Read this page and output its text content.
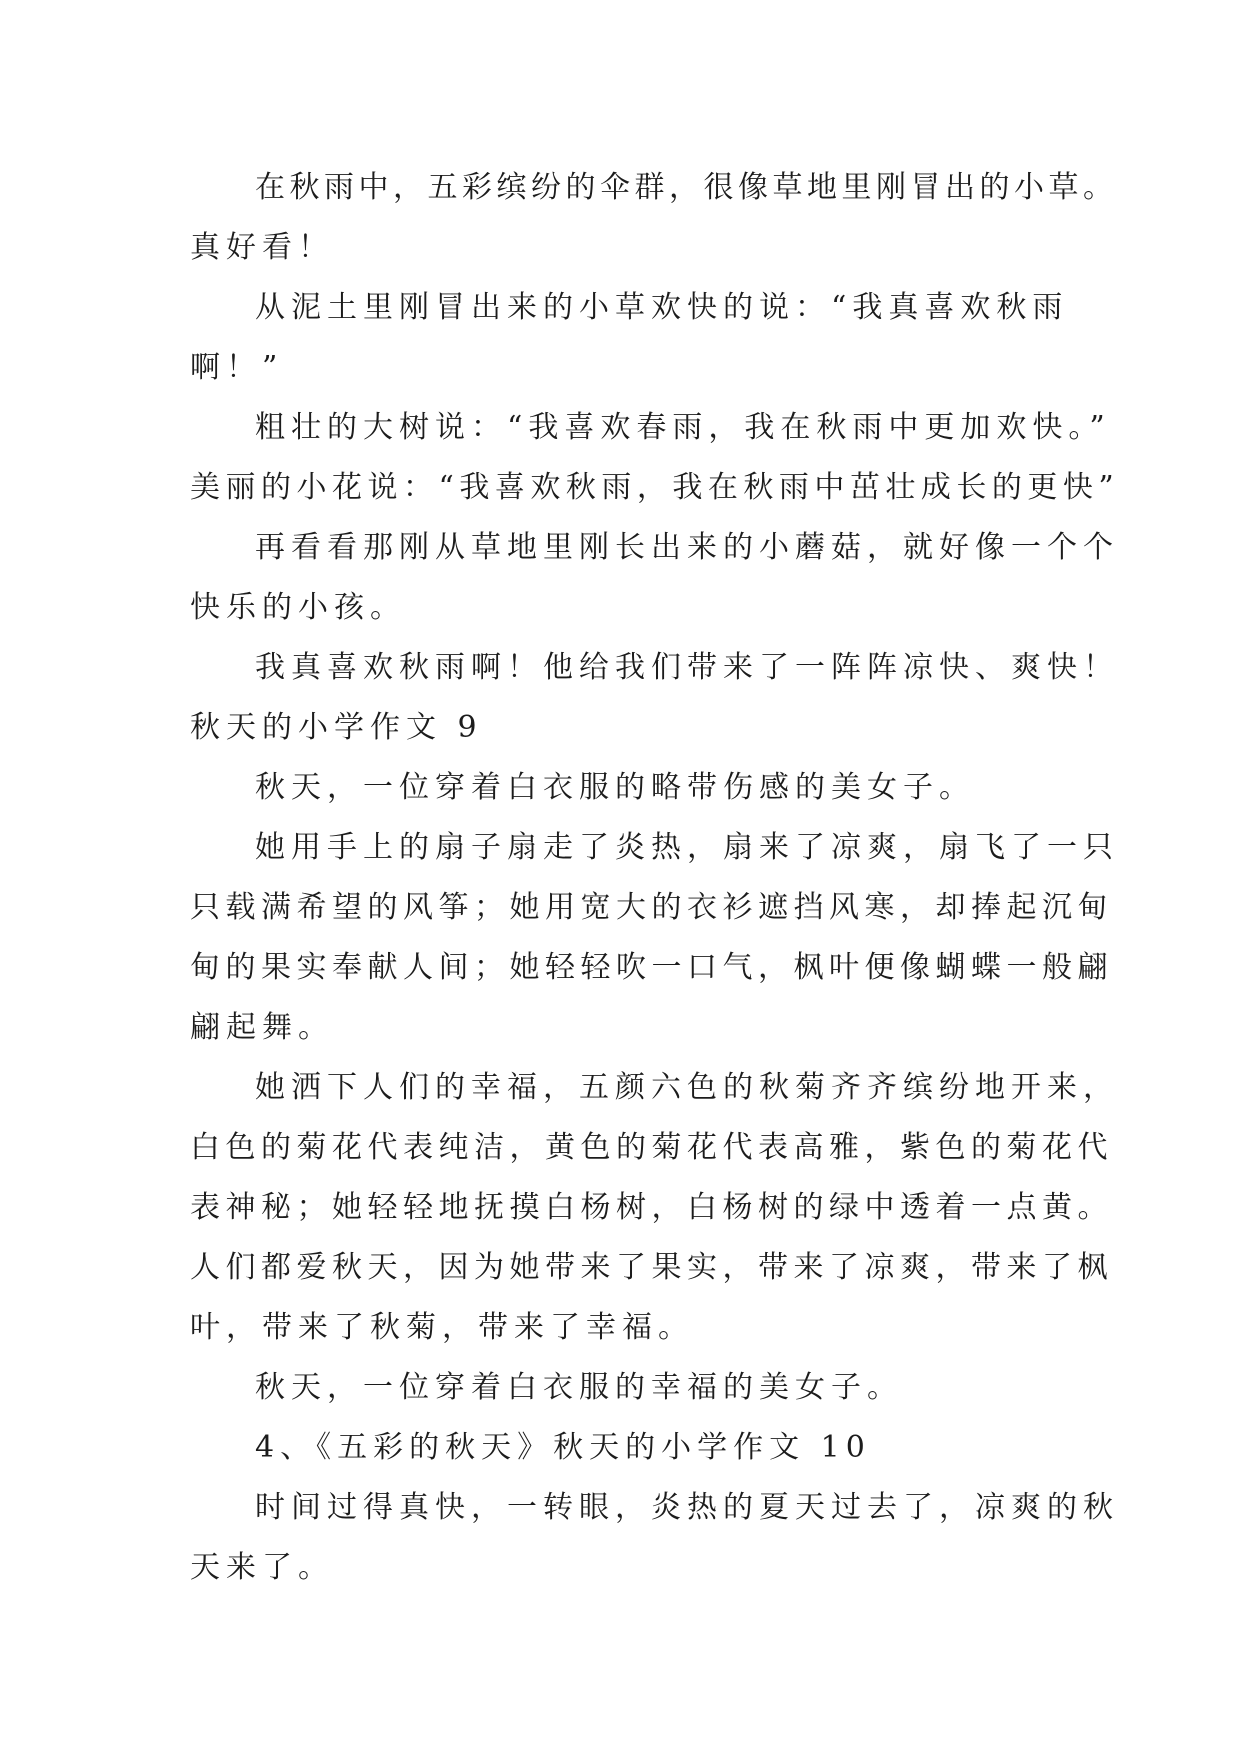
在秋雨中，五彩缤纷的伞群，很像草地里刚冒出的小草。

真好看！

从泥土里刚冒出来的小草欢快的说：“我真喜欢秋雨

啊！”

粗壮的大树说：“我喜欢春雨，我在秋雨中更加欢快。”

美丽的小花说：“我喜欢秋雨，我在秋雨中茁壮成长的更快”

再看看那刚从草地里刚长出来的小蘑菇，就好像一个个

快乐的小孩。

我真喜欢秋雨啊！他给我们带来了一阵阵凉快、爽快！

秋天的小学作文 9

秋天，一位穿着白衣服的略带伤感的美女子。

她用手上的扇子扇走了炎热，扇来了凉爽，扇飞了一只

只载满希望的风筝；她用宽大的衣衫遮挡风寒，却捧起沉甸

甸的果实奉献人间；她轻轻吹一口气，枫叶便像蝴蝶一般翩

翩起舞。

她洒下人们的幸福，五颜六色的秋菊齐齐缤纷地开来，

白色的菊花代表纯洁，黄色的菊花代表高雅，紫色的菊花代

表神秘；她轻轻地抚摸白杨树，白杨树的绿中透着一点黄。

人们都爱秋天，因为她带来了果实，带来了凉爽，带来了枫

叶，带来了秋菊，带来了幸福。

秋天，一位穿着白衣服的幸福的美女子。

4、《五彩的秋天》秋天的小学作文 10

时间过得真快，一转眼，炎热的夏天过去了，凉爽的秋

天来了。
